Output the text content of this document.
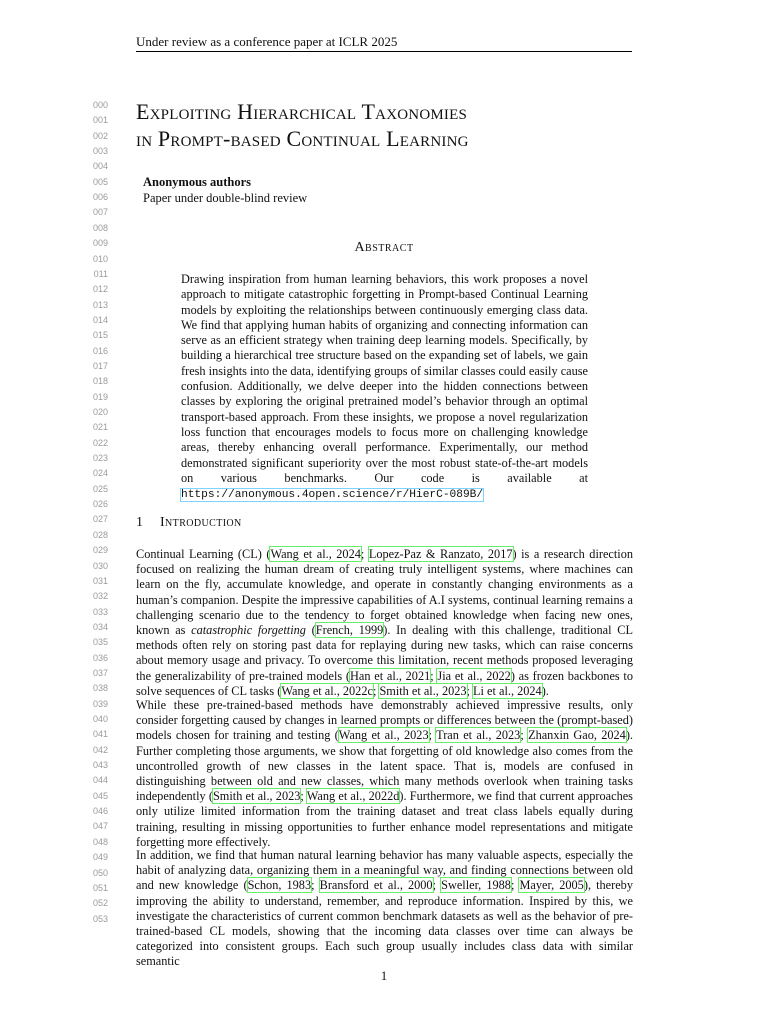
Under review as a conference paper at ICLR 2025
000
001
002
003
004
005
006
007
008
009
010
011
012
013
014
015
016
017
018
019
020
021
022
023
024
025
026
027
028
029
030
031
032
033
034
035
036
037
038
039
040
041
042
043
044
045
046
047
048
049
050
051
052
053
Exploiting Hierarchical Taxonomies
in Prompt-based Continual Learning
Anonymous authors
Paper under double-blind review
Abstract
Drawing inspiration from human learning behaviors, this work proposes a novel approach to mitigate catastrophic forgetting in Prompt-based Continual Learning models by exploiting the relationships between continuously emerging class data. We find that applying human habits of organizing and connecting information can serve as an efficient strategy when training deep learning models. Specifically, by building a hierarchical tree structure based on the expanding set of labels, we gain fresh insights into the data, identifying groups of similar classes could easily cause confusion. Additionally, we delve deeper into the hidden connections between classes by exploring the original pretrained model’s behavior through an optimal transport-based approach. From these insights, we propose a novel regularization loss function that encourages models to focus more on challenging knowledge areas, thereby enhancing overall performance. Experimentally, our method demonstrated significant superiority over the most robust state-of-the-art models on various benchmarks. Our code is available at https://anonymous.4open.science/r/HierC-089B/
1 Introduction
Continual Learning (CL) (Wang et al., 2024; Lopez-Paz & Ranzato, 2017) is a research direction focused on realizing the human dream of creating truly intelligent systems, where machines can learn on the fly, accumulate knowledge, and operate in constantly changing environments as a human’s companion. Despite the impressive capabilities of A.I systems, continual learning remains a challenging scenario due to the tendency to forget obtained knowledge when facing new ones, known as catastrophic forgetting (French, 1999). In dealing with this challenge, traditional CL methods often rely on storing past data for replaying during new tasks, which can raise concerns about memory usage and privacy. To overcome this limitation, recent methods proposed leveraging the generalizability of pre-trained models (Han et al., 2021; Jia et al., 2022) as frozen backbones to solve sequences of CL tasks (Wang et al., 2022c; Smith et al., 2023; Li et al., 2024).
While these pre-trained-based methods have demonstrably achieved impressive results, only consider forgetting caused by changes in learned prompts or differences between the (prompt-based) models chosen for training and testing (Wang et al., 2023; Tran et al., 2023; Zhanxin Gao, 2024). Further completing those arguments, we show that forgetting of old knowledge also comes from the uncontrolled growth of new classes in the latent space. That is, models are confused in distinguishing between old and new classes, which many methods overlook when training tasks independently (Smith et al., 2023; Wang et al., 2022d). Furthermore, we find that current approaches only utilize limited information from the training dataset and treat class labels equally during training, resulting in missing opportunities to further enhance model representations and mitigate forgetting more effectively.
In addition, we find that human natural learning behavior has many valuable aspects, especially the habit of analyzing data, organizing them in a meaningful way, and finding connections between old and new knowledge (Schon, 1983; Bransford et al., 2000; Sweller, 1988; Mayer, 2005), thereby improving the ability to understand, remember, and reproduce information. Inspired by this, we investigate the characteristics of current common benchmark datasets as well as the behavior of pre-trained-based CL models, showing that the incoming data classes over time can always be categorized into consistent groups. Each such group usually includes class data with similar semantic
1
